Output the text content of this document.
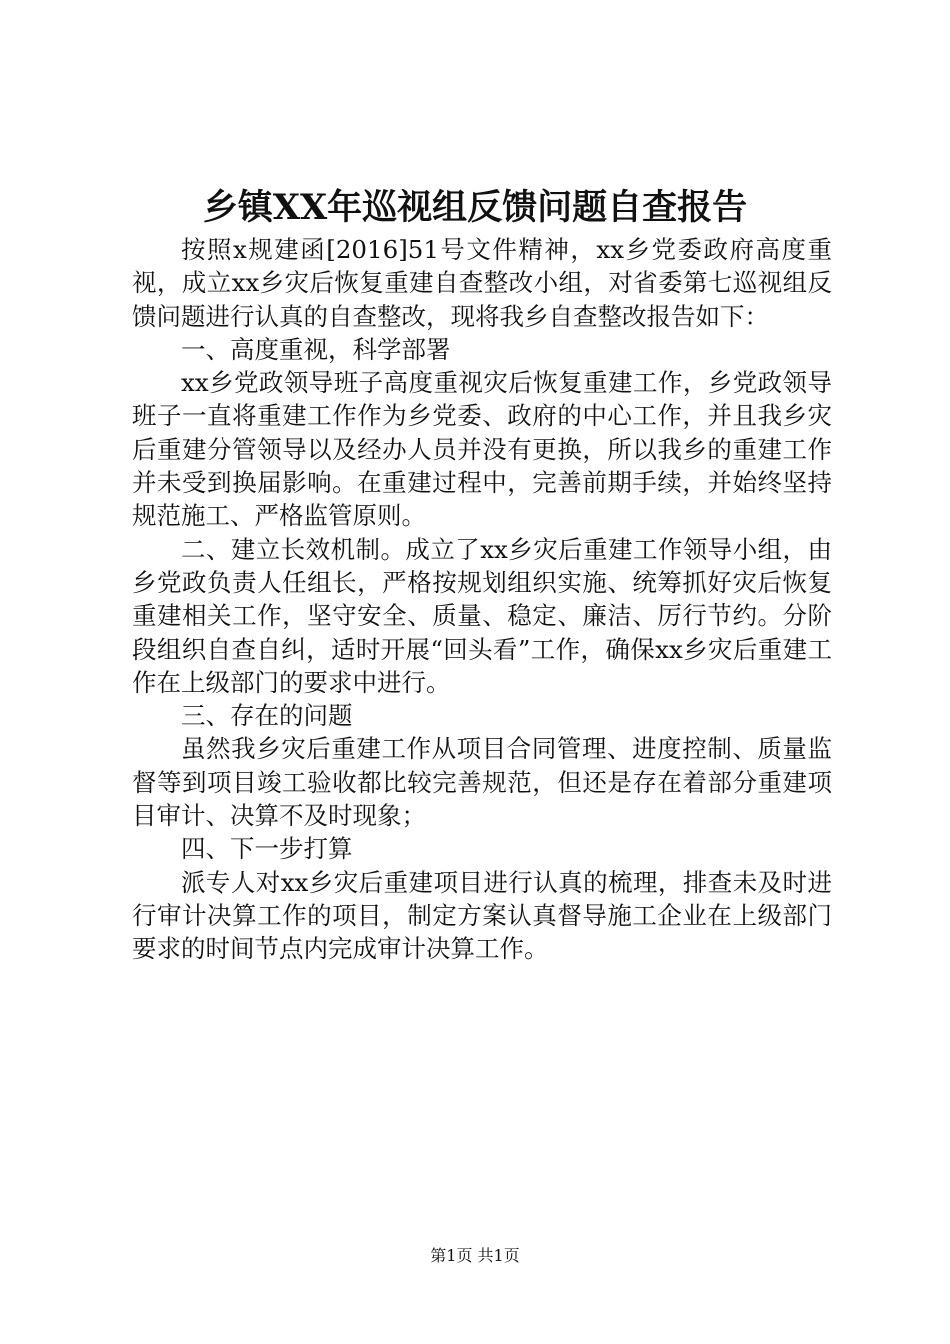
乡镇XX年巡视组反馈问题自查报告

按照x规建函[2016]51号文件精神，xx乡党委政府高度重视，成立xx乡灾后恢复重建自查整改小组，对省委第七巡视组反馈问题进行认真的自查整改，现将我乡自查整改报告如下：

一、高度重视，科学部署

xx乡党政领导班子高度重视灾后恢复重建工作，乡党政领导班子一直将重建工作作为乡党委、政府的中心工作，并且我乡灾后重建分管领导以及经办人员并没有更换，所以我乡的重建工作并未受到换届影响。在重建过程中，完善前期手续，并始终坚持规范施工、严格监管原则。

二、建立长效机制。成立了xx乡灾后重建工作领导小组，由乡党政负责人任组长，严格按规划组织实施、统筹抓好灾后恢复重建相关工作，坚守安全、质量、稳定、廉洁、厉行节约。分阶段组织自查自纠，适时开展“回头看”工作，确保xx乡灾后重建工作在上级部门的要求中进行。

三、存在的问题

虽然我乡灾后重建工作从项目合同管理、进度控制、质量监督等到项目竣工验收都比较完善规范，但还是存在着部分重建项目审计、决算不及时现象；

四、下一步打算

派专人对xx乡灾后重建项目进行认真的梳理，排查未及时进行审计决算工作的项目，制定方案认真督导施工企业在上级部门要求的时间节点内完成审计决算工作。

第1页 共1页
